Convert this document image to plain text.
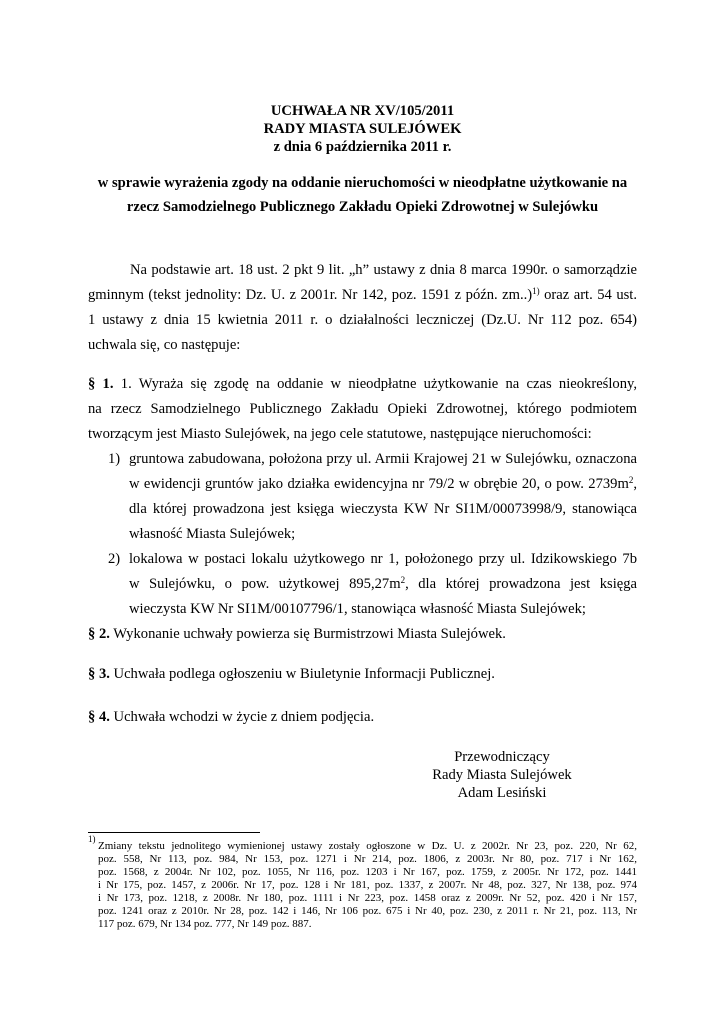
UCHWAŁA NR XV/105/2011
RADY MIASTA SULEJÓWEK
z dnia 6 października 2011 r.
w sprawie wyrażenia zgody na oddanie nieruchomości w nieodpłatne użytkowanie na
rzecz Samodzielnego Publicznego Zakładu Opieki Zdrowotnej w Sulejówku
Na podstawie art. 18 ust. 2 pkt 9 lit. „h” ustawy z dnia 8 marca 1990r. o samorządzie
gminnym (tekst jednolity: Dz. U. z 2001r. Nr 142, poz. 1591 z późn. zm..)$^{1)}$ oraz art. 54 ust.
1 ustawy z dnia 15 kwietnia 2011 r. o działalności leczniczej (Dz.U. Nr 112 poz. 654)
uchwala się, co następuje:
§ 1. 1. Wyraża się zgodę na oddanie w nieodpłatne użytkowanie na czas nieokreślony,
na rzecz Samodzielnego Publicznego Zakładu Opieki Zdrowotnej, którego podmiotem
tworzącym jest Miasto Sulejówek, na jego cele statutowe, następujące nieruchomości:
1) gruntowa zabudowana, położona przy ul. Armii Krajowej 21 w Sulejówku, oznaczona
w ewidencji gruntów jako działka ewidencyjna nr 79/2 w obrębie 20, o pow. $2739m^2$,
dla której prowadzona jest księga wieczysta KW Nr SI1M/00073998/9, stanowiąca
własność Miasta Sulejówek;
2) lokalowa w postaci lokalu użytkowego nr 1, położonego przy ul. Idzikowskiego 7b
w Sulejówku, o pow. użytkowej $895,27m^2$, dla której prowadzona jest księga
wieczysta KW Nr SI1M/00107796/1, stanowiąca własność Miasta Sulejówek;
§ 2. Wykonanie uchwały powierza się Burmistrzowi Miasta Sulejówek.
§ 3. Uchwała podlega ogłoszeniu w Biuletynie Informacji Publicznej.
§ 4. Uchwała wchodzi w życie z dniem podjęcia.
Przewodniczący
Rady Miasta Sulejówek
Adam Lesiński
$^{1)}$
Zmiany tekstu jednolitego wymienionej ustawy zostały ogłoszone w Dz. U. z 2002r. Nr 23, poz. 220, Nr 62,
poz. 558, Nr 113, poz. 984, Nr 153, poz. 1271 i Nr 214, poz. 1806, z 2003r. Nr 80, poz. 717 i Nr 162,
poz. 1568, z 2004r. Nr 102, poz. 1055, Nr 116, poz. 1203 i Nr 167, poz. 1759, z 2005r. Nr 172, poz. 1441
i Nr 175, poz. 1457, z 2006r. Nr 17, poz. 128 i Nr 181, poz. 1337, z 2007r. Nr 48, poz. 327, Nr 138, poz. 974
i Nr 173, poz. 1218, z 2008r. Nr 180, poz. 1111 i Nr 223, poz. 1458 oraz z 2009r. Nr 52, poz. 420 i Nr 157,
poz. 1241 oraz z 2010r. Nr 28, poz. 142 i 146, Nr 106 poz. 675 i Nr 40, poz. 230, z 2011 r. Nr 21, poz. 113, Nr
117 poz. 679, Nr 134 poz. 777, Nr 149 poz. 887.
